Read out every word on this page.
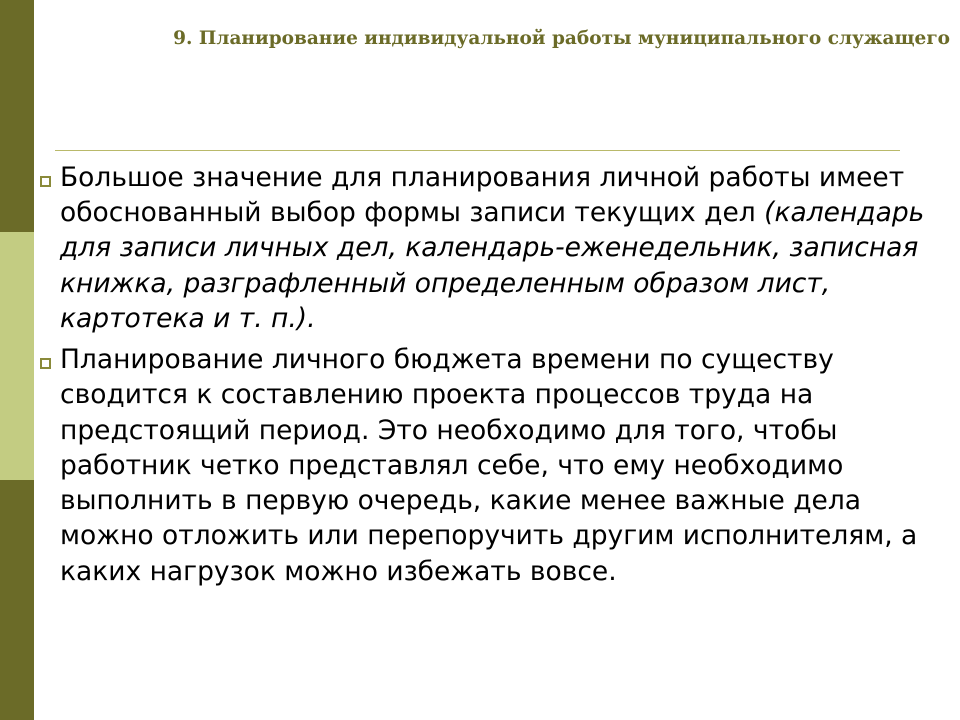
9. Планирование индивидуальной работы муниципального служащего
Большое значение для планирования личной работы имеет обоснованный выбор формы записи текущих дел (календарь для записи личных дел, календарь-еженедельник, записная книжка, разграфленный определенным образом лист, картотека и т. п.).
Планирование личного бюджета времени по существу сводится к составлению проекта процессов труда на предстоящий период. Это необходимо для того, чтобы работник четко представлял себе, что ему необходимо выполнить в первую очередь, какие менее важные дела можно отложить или перепоручить другим исполнителям, а каких нагрузок можно избежать вовсе.
